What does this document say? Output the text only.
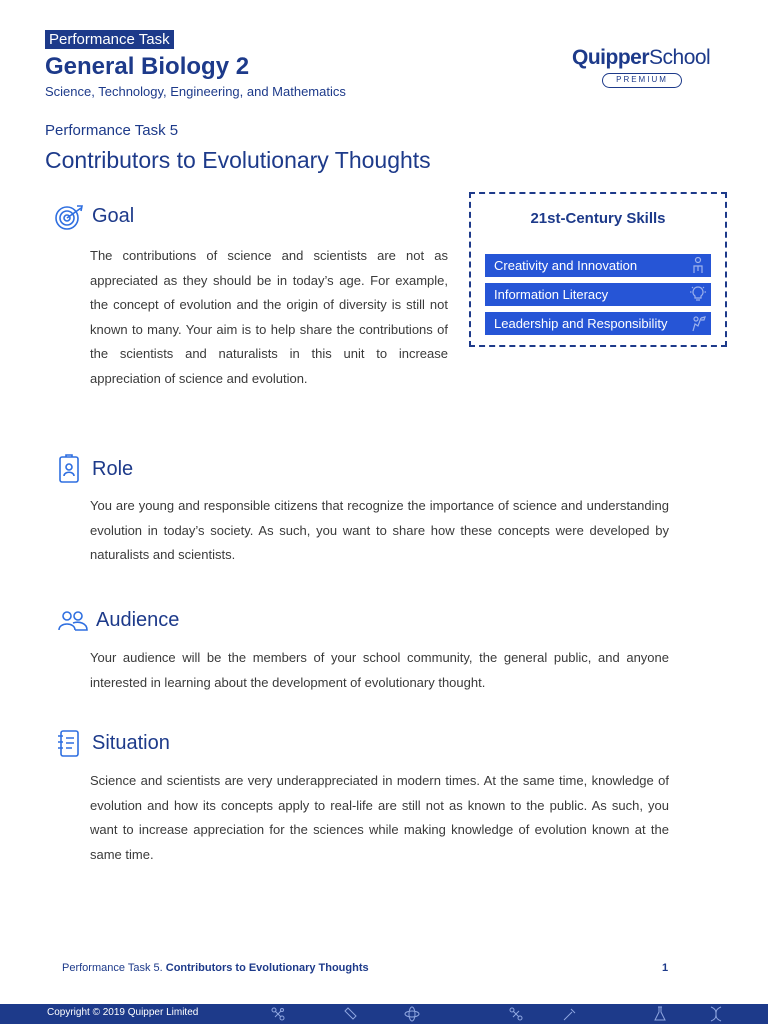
Performance Task
General Biology 2
Science, Technology, Engineering, and Mathematics
QuipperSchool
PREMIUM
Performance Task 5
Contributors to Evolutionary Thoughts
Goal
The contributions of science and scientists are not as appreciated as they should be in today’s age. For example, the concept of evolution and the origin of diversity is still not known to many. Your aim is to help share the contributions of the scientists and naturalists in this unit to increase appreciation of science and evolution.
21st-Century Skills
Creativity and Innovation
Information Literacy
Leadership and Responsibility
Role
You are young and responsible citizens that recognize the importance of science and understanding evolution in today’s society. As such, you want to share how these concepts were developed by naturalists and scientists.
Audience
Your audience will be the members of your school community, the general public, and anyone interested in learning about the development of evolutionary thought.
Situation
Science and scientists are very underappreciated in modern times. At the same time, knowledge of evolution and how its concepts apply to real-life are still not as known to the public. As such, you want to increase appreciation for the sciences while making knowledge of evolution known at the same time.
Performance Task 5. Contributors to Evolutionary Thoughts	1
Copyright © 2019 Quipper Limited
